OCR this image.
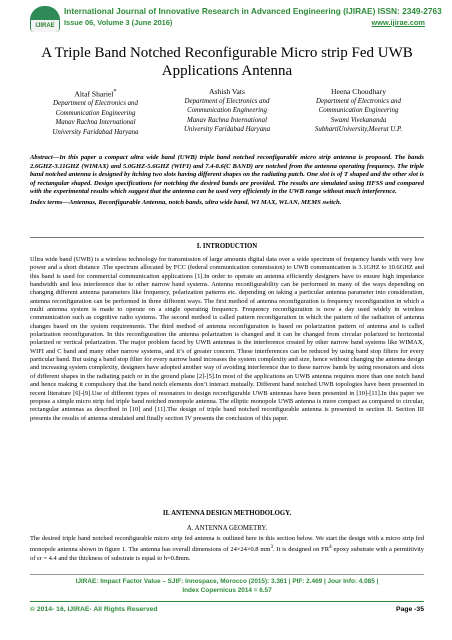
IJIRAE
International Journal of Innovative Research in Advanced Engineering (IJIRAE) ISSN: 2349-2763
Issue 06, Volume 3 (June 2016)	www.ijirae.com
A Triple Band Notched Reconfigurable Micro strip Fed UWB Applications Antenna
Altaf Shariel*
Department of Electronics and
Communication Engineering
Manav Rachna International
University Faridabad Haryana
Ashish Vats
Department of Electronics and
Communication Engineering
Manav Rachna International
University Faridabad Haryana
Heena Choudhary
Department of Electronics and
Communication Engineering
Swami Vivekananda
SubhartiUniversity,Meerut U.P.

Abstract—In this paper a compact ultra wide band (UWB) triple band notched reconfigurable micro strip antenna is proposed. The bands 2.6GHZ-3.11GHZ (WIMAX) and 5.0GHZ-5.6GHZ (WIFI) and 7.4-8.6(C BAND) are notched from the antenna operating frequency. The triple band notched antenna is designed by itching two slots having different shapes on the radiating patch. One slot is of T shaped and the other slot is of rectangular shaped. Design specifications for notching the desired bands are provided. The results are simulated using HFSS and compared with the experimental results which suggest that the antenna can be used very efficiently in the UWB range without much interference.

Index terms—Antennas, Reconfigurable Antenna, notch bands, ultra wide band, WI MAX, WLAN, MEMS switch.

I. INTRODUCTION
Ultra wide band (UWB) is a wireless technology for transmission of large amounts digital data over a wide spectrum of frequency bands with very low power and a short distance .The spectrum allocated by FCC (federal communication commission) to UWB communication is 3.1GHZ to 10.6GHZ and this band is used for commercial communication applications [1].In order to operate an antenna efficiently designers have to ensure high impedance bandwidth and less interference due to other narrow band systems. Antenna reconfigurability can be performed in many of the ways depending on changing different antenna parameters like frequency, polarization patterns etc. depending on taking a particular antenna parameter into consideration, antenna reconfiguration can be performed in three different ways. The first method of antenna reconfiguration is frequency reconfiguration in which a multi antenna system is made to operate on a single operating frequency. Frequency reconfiguration is now a day used widely in wireless communication such as cognitive radio systems. The second method is called pattern reconfiguration in which the pattern of the radiation of antenna changes based on the system requirements. The third method of antenna reconfiguration is based on polarization pattern of antenna and is called polarization reconfiguration. In this reconfiguration the antenna polarization is changed and it can be changed from circular polarized to horizontal polarized or vertical polarization. The major problem faced by UWB antennas is the interference created by other narrow band systems like WIMAX, WIFI and C band and many other narrow systems, and it’s of greater concern. These interferences can be reduced by using band stop filters for every particular band. But using a band stop filter for every narrow band increases the system complexity and size, hence without changing the antenna design and increasing system complexity, designers have adopted another way of avoiding interference due to these narrow bands by using resonators and slots of different shapes in the radiating patch or in the ground plane [2]-[5].In most of the applications an UWB antenna requires more than one notch band and hence making it compulsory that the band notch elements don’t interact mutually. Different band notched UWB topologies have been presented in recent literature [6]-[9].Use of different types of resonators to design reconfigurable UWB antennas have been presented in [10]-[11].In this paper we propose a simple micro strip fed triple band notched monopole antenna. The elliptic monopole UWB antenna is more compact as compared to circular, rectangular antennas as described in [10] and [11].The design of triple band notched reconfigurable antenna is presented in section II. Section III presents the results of antenna simulated and finally section IV presents the conclusion of this paper.
II. ANTENNA DESIGN METHODOLOGY.
A. ANTENNA GEOMETRY.
The desired triple band notched reconfigurable micro strip fed antenna is outlined here in this section below. We start the design with a micro strip fed monopole antenna shown in figure 1. The antenna has overall dimensions of 24×24×0.8 $mm^3$. It is designed on $FR^4$ epoxy substrate with a permittivity of εr = 4.4 and the thickness of substrate is equal to h=0.8mm.
IJIRAE: Impact Factor Value – SJIF: Innospace, Morocco (2015): 3.361 | PIF: 2.469 | Jour Info: 4.085 |
Index Copernicus 2014 = 6.57
© 2014- 16, IJIRAE- All Rights Reserved	Page -35
